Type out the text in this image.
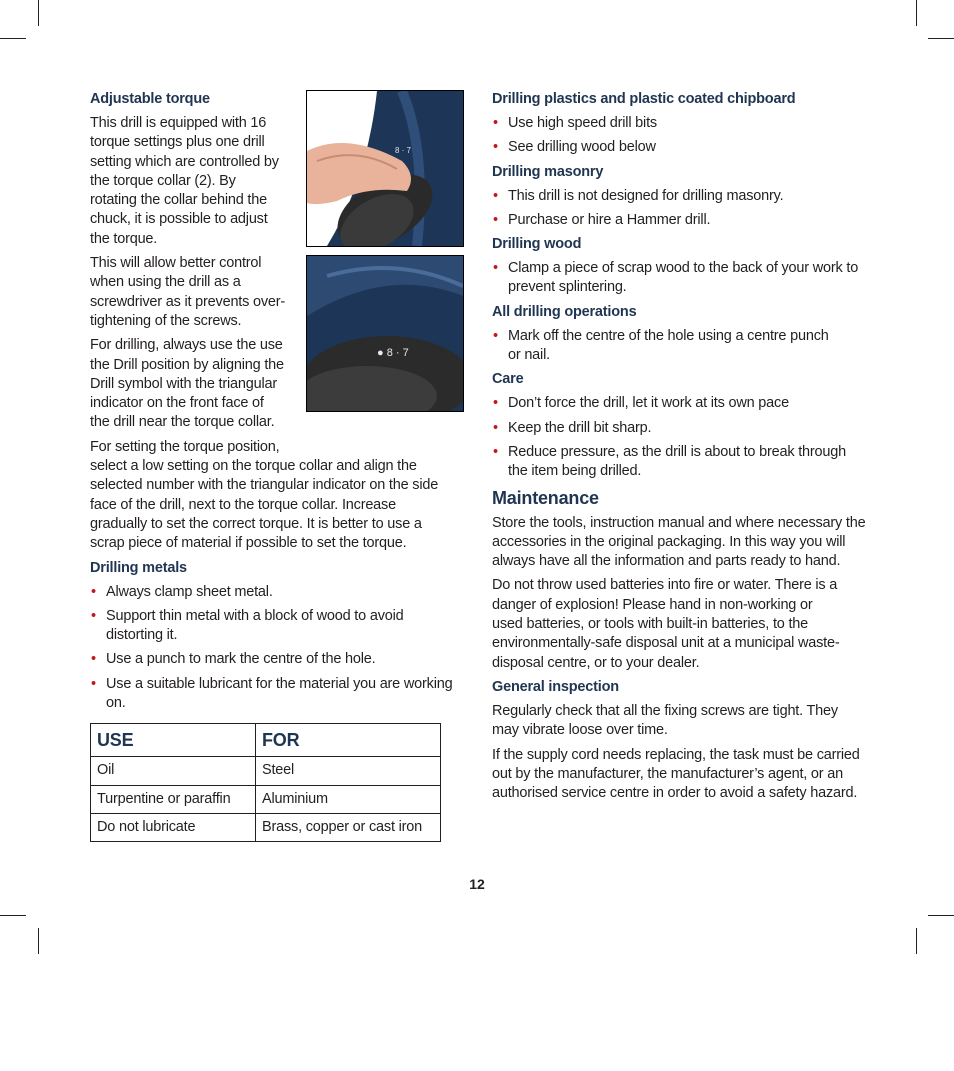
8 · 7
● 8 · 7
Adjustable torque

This drill is equipped with 16 torque settings plus one drill setting which are controlled by the torque collar (2). By rotating the collar behind the chuck, it is possible to adjust the torque.

This will allow better control when using the drill as a screwdriver as it prevents over-tightening of the screws.

For drilling, always use the use the Drill position by aligning the Drill symbol with the triangular indicator on the front face of the drill near the torque collar.

For setting the torque position,
select a low setting on the torque collar and align the selected number with the triangular indicator on the side face of the drill, next to the torque collar. Increase gradually to set the correct torque. It is better to use a scrap piece of material if possible to set the torque.

Drilling metals
• Always clamp sheet metal.
• Support thin metal with a block of wood to avoid distorting it.
• Use a punch to mark the centre of the hole.
• Use a suitable lubricant for the material you are working on.
USE	FOR
Oil	Steel
Turpentine or paraffin	Aluminium
Do not lubricate	Brass, copper or cast iron
Drilling plastics and plastic coated chipboard
• Use high speed drill bits
• See drilling wood below
Drilling masonry
• This drill is not designed for drilling masonry.
• Purchase or hire a Hammer drill.
Drilling wood
• Clamp a piece of scrap wood to the back of your work to prevent splintering.
All drilling operations
• Mark off the centre of the hole using a centre punch or nail.
Care
• Don’t force the drill, let it work at its own pace
• Keep the drill bit sharp.
• Reduce pressure, as the drill is about to break through the item being drilled.
Maintenance

Store the tools, instruction manual and where necessary the accessories in the original packaging. In this way you will always have all the information and parts ready to hand.

Do not throw used batteries into fire or water. There is a danger of explosion! Please hand in non-working or used batteries, or tools with built-in batteries, to the environmentally-safe disposal unit at a municipal waste-disposal centre, or to your dealer.

General inspection

Regularly check that all the fixing screws are tight. They may vibrate loose over time.

If the supply cord needs replacing, the task must be carried out by the manufacturer, the manufacturer’s agent, or an authorised service centre in order to avoid a safety hazard.

12
